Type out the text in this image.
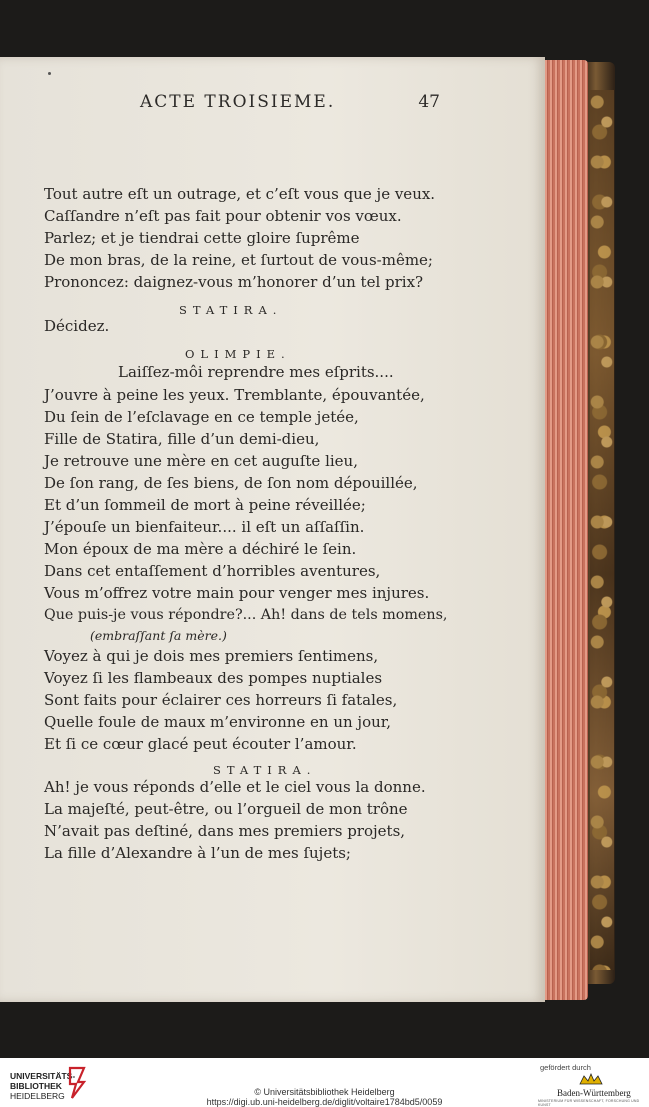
ACTE TROISIEME.	47
Tout autre eſt un outrage, et c’eſt vous que je veux.
Caſſandre n’eſt pas fait pour obtenir vos vœux.
Parlez; et je tiendrai cette gloire ſuprême
De mon bras, de la reine, et ſurtout de vous-même;
Prononcez: daignez-vous m’honorer d’un tel prix?
STATIRA.
Décidez.
OLIMPIE.
Laiſſez-môi reprendre mes eſprits....
J’ouvre à peine les yeux. Tremblante, épouvantée,
Du ſein de l’eſclavage en ce temple jetée,
Fille de Statira, fille d’un demi-dieu,
Je retrouve une mère en cet auguſte lieu,
De ſon rang, de ſes biens, de ſon nom dépouillée,
Et d’un ſommeil de mort à peine réveillée;
J’épouſe un bienfaiteur.... il eſt un aſſaſſin.
Mon époux de ma mère a déchiré le ſein.
Dans cet entaſſement d’horribles aventures,
Vous m’offrez votre main pour venger mes injures.
Que puis-je vous répondre?... Ah! dans de tels momens,
(embraſſant ſa mère.)
Voyez à qui je dois mes premiers ſentimens,
Voyez ſi les flambeaux des pompes nuptiales
Sont faits pour éclairer ces horreurs ſi fatales,
Quelle foule de maux m’environne en un jour,
Et ſi ce cœur glacé peut écouter l’amour.
STATIRA.
Ah! je vous réponds d’elle et le ciel vous la donne.
La majeſté, peut-être, ou l’orgueil de mon trône
N’avait pas deſtiné, dans mes premiers projets,
La fille d’Alexandre à l’un de mes ſujets;
UNIVERSITÄTS-
BIBLIOTHEK
HEIDELBERG	© Universitätsbibliothek Heidelberg
https://digi.ub.uni-heidelberg.de/diglit/voltaire1784bd5/0059
gefördert durch
Baden-Württemberg
MINISTERIUM FÜR WISSENSCHAFT, FORSCHUNG UND KUNST
